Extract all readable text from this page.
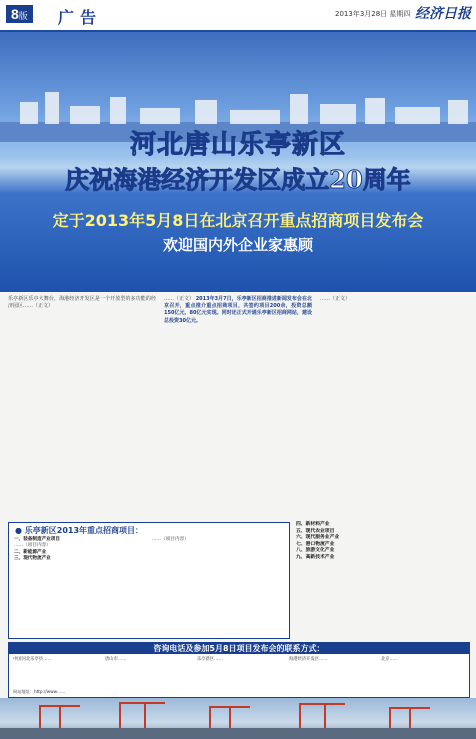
8版	广告	2013年3月28日 星期四 经济日报
河北唐山乐亭新区
庆祝海港经济开发区成立20周年
定于2013年5月8日在北京召开重点招商项目发布会
欢迎国内外企业家惠顾
乐亭新区乐亭大舞台，海港经济开发区是一个开放型的多功能的经济园区……（正文）
……（正文） 2013年3月7日，乐亭新区招商推进新闻发布会在北京召开，重点推介重点招商项目，共签约项目200余，投资总额150亿元，80亿元实现。同时还正式开通乐亭新区招商网站，建设总投资30亿元。
……（正文）
● 乐亭新区2013年重点招商项目：
一、装备制造产业项目
……（项目内容）
二、新能源产业
三、现代物流产业
……（项目内容）
四、新材料产业
五、现代农业项目
六、现代服务业产业
七、港口物流产业
八、旅游文化产业
九、高新技术产业
咨询电话及参加5月8日项目发布会的联系方式：
中国河北乐亭县……	唐山市……	乐亭新区……	海港经济开发区……	北京……
网站地址：http://www……
